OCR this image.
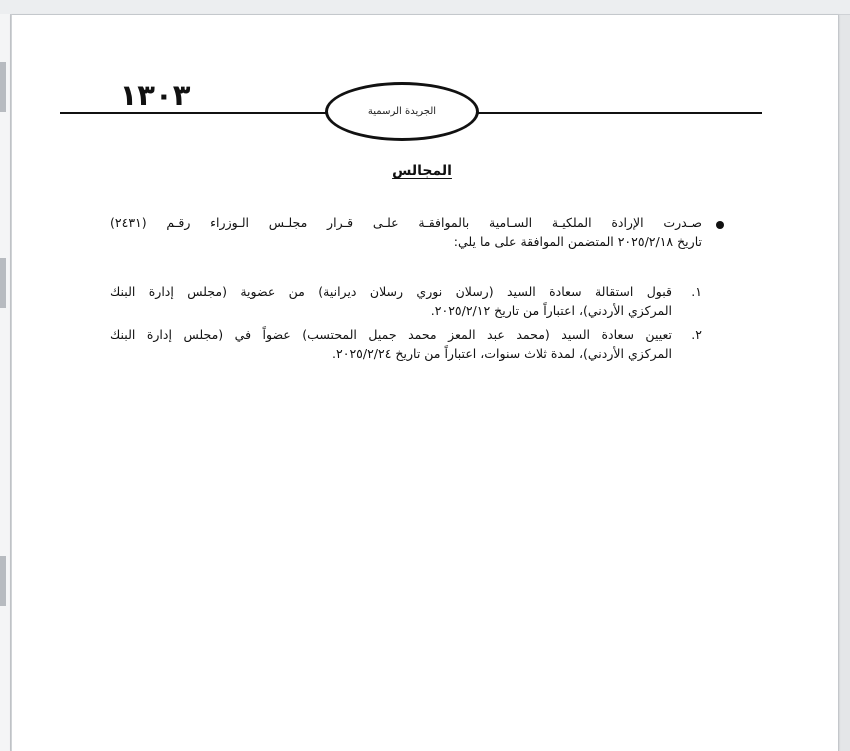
١٣٠٣	الجريدة الرسمية
المجالس
صـدرت الإرادة الملكيـة السـامية بالموافقـة علـى قـرار مجلـس الـوزراء رقـم (٢٤٣١)
تاريخ ٢٠٢٥/٢/١٨ المتضمن الموافقة على ما يلي:
١.
قبول استقالة سعادة السيد (رسلان نوري رسلان ديرانية) من عضوية (مجلس إدارة البنك
المركزي الأردني)، اعتباراً من تاريخ ٢٠٢٥/٢/١٢.
٢.
تعيين سعادة السيد (محمد عبد المعز محمد جميل المحتسب) عضواً في (مجلس إدارة البنك
المركزي الأردني)، لمدة ثلاث سنوات، اعتباراً من تاريخ ٢٠٢٥/٢/٢٤.
